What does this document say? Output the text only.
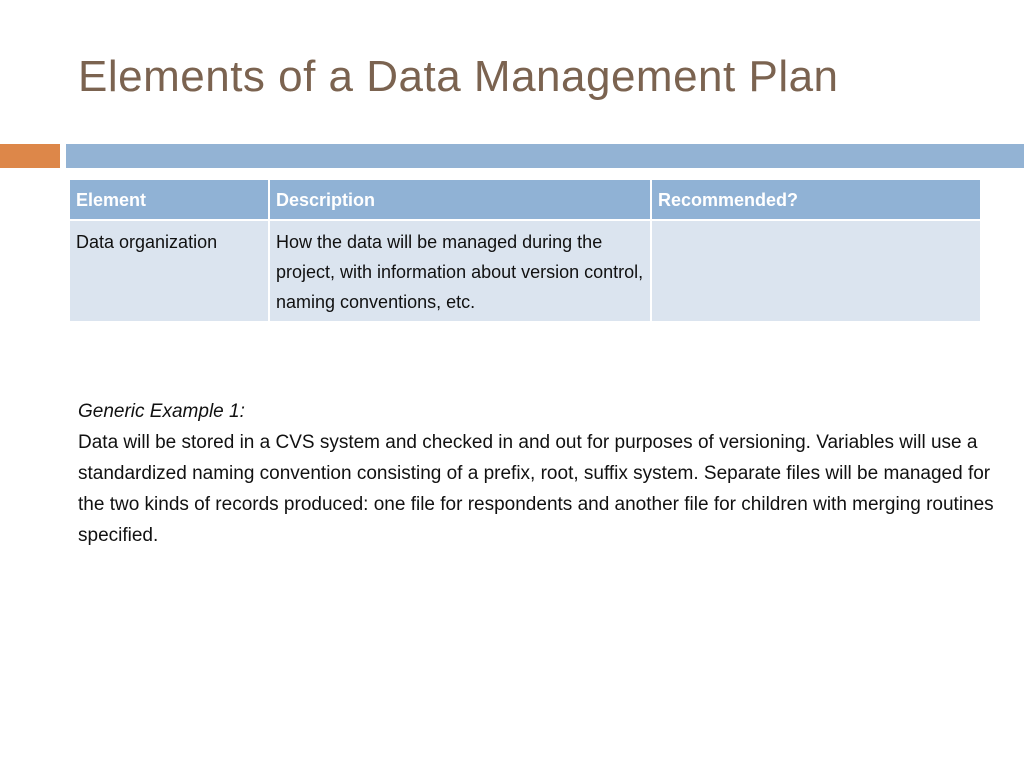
Elements of a Data Management Plan
Element	Description	Recommended?
Data organization	How the data will be managed during the project, with information about version control, naming conventions, etc.	
Generic Example 1:
Data will be stored in a CVS system and checked in and out for purposes of versioning. Variables will use a standardized naming convention consisting of a prefix, root, suffix system. Separate files will be managed for the two kinds of records produced: one file for respondents and another file for children with merging routines specified.
